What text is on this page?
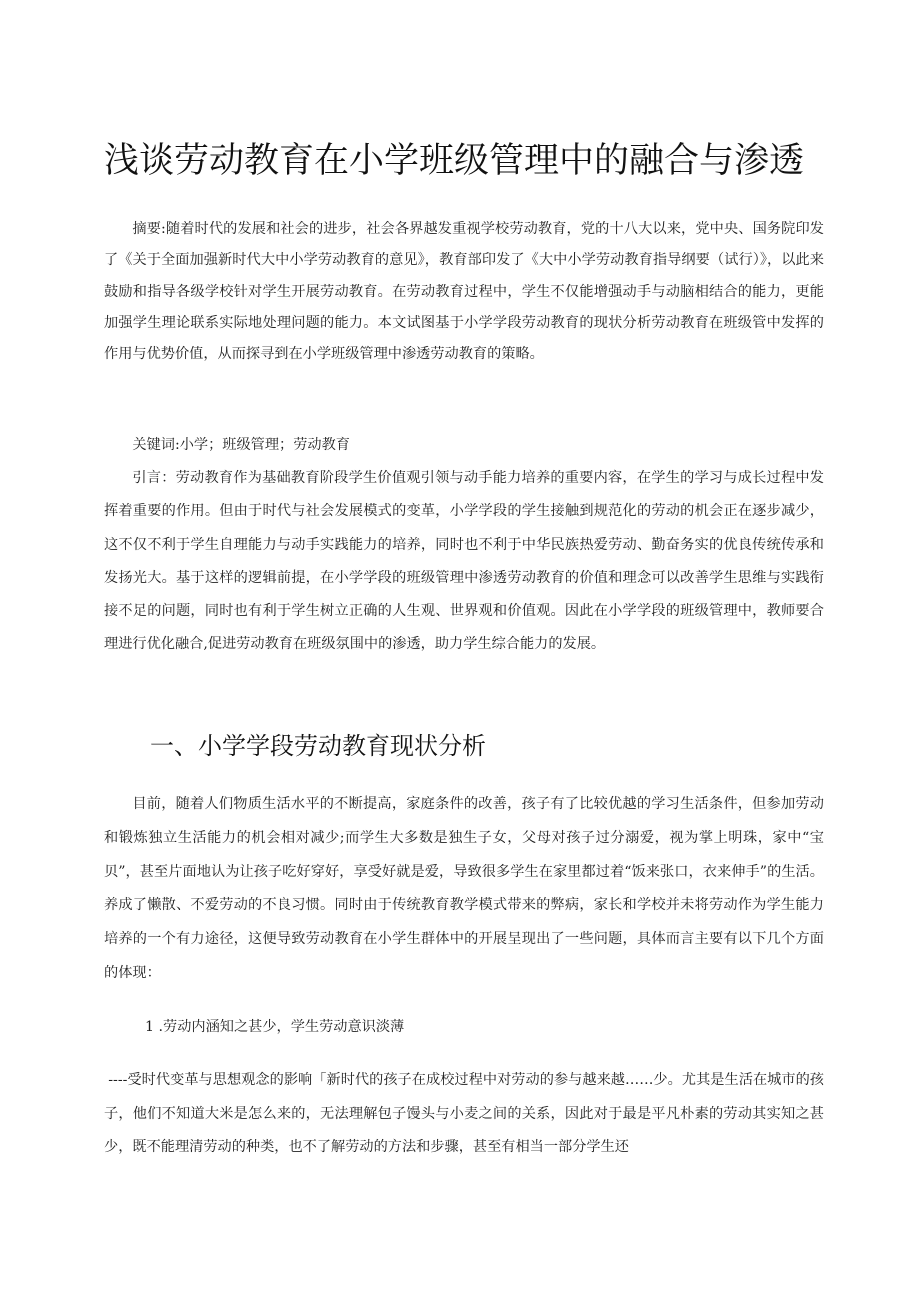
浅谈劳动教育在小学班级管理中的融合与渗透
摘要:随着时代的发展和社会的进步，社会各界越发重视学校劳动教育，党的十八大以来，党中央、国务院印发了《关于全面加强新时代大中小学劳动教育的意见》，教育部印发了《大中小学劳动教育指导纲要（试行）》，以此来鼓励和指导各级学校针对学生开展劳动教育。在劳动教育过程中，学生不仅能增强动手与动脑相结合的能力，更能加强学生理论联系实际地处理问题的能力。本文试图基于小学学段劳动教育的现状分析劳动教育在班级管中发挥的作用与优势价值，从而探寻到在小学班级管理中渗透劳动教育的策略。
关键词:小学；班级管理；劳动教育
引言：劳动教育作为基础教育阶段学生价值观引领与动手能力培养的重要内容，在学生的学习与成长过程中发挥着重要的作用。但由于时代与社会发展模式的变革，小学学段的学生接触到规范化的劳动的机会正在逐步减少，这不仅不利于学生自理能力与动手实践能力的培养，同时也不利于中华民族热爱劳动、勤奋务实的优良传统传承和发扬光大。基于这样的逻辑前提，在小学学段的班级管理中渗透劳动教育的价值和理念可以改善学生思维与实践衔接不足的问题，同时也有利于学生树立正确的人生观、世界观和价值观。因此在小学学段的班级管理中，教师要合理进行优化融合,促进劳动教育在班级氛围中的渗透，助力学生综合能力的发展。
一、小学学段劳动教育现状分析
目前，随着人们物质生活水平的不断提高，家庭条件的改善，孩子有了比较优越的学习生活条件，但参加劳动和锻炼独立生活能力的机会相对减少;而学生大多数是独生子女，父母对孩子过分溺爱，视为掌上明珠，家中“宝贝”，甚至片面地认为让孩子吃好穿好，享受好就是爱，导致很多学生在家里都过着“饭来张口，衣来伸手”的生活。养成了懒散、不爱劳动的不良习惯。同时由于传统教育教学模式带来的弊病，家长和学校并未将劳动作为学生能力培养的一个有力途径，这便导致劳动教育在小学生群体中的开展呈现出了一些问题，具体而言主要有以下几个方面的体现：
1 .劳动内涵知之甚少，学生劳动意识淡薄
----受时代变革与思想观念的影响「新时代的孩子在成校过程中对劳动的参与越来越……少。尤其是生活在城市的孩子，他们不知道大米是怎么来的，无法理解包子馒头与小麦之间的关系，因此对于最是平凡朴素的劳动其实知之甚少，既不能理清劳动的种类，也不了解劳动的方法和步骤，甚至有相当一部分学生还
